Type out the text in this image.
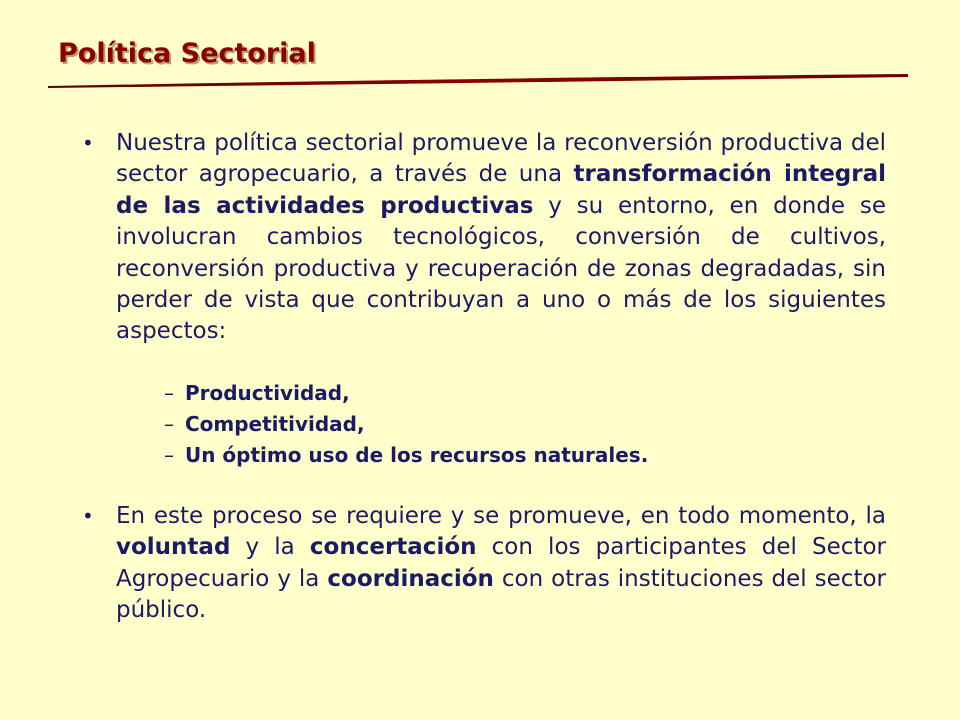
Política Sectorial
• Nuestra política sectorial promueve la reconversión productiva del sector agropecuario, a través de una transformación integral de las actividades productivas y su entorno, en donde se involucran cambios tecnológicos, conversión de cultivos, reconversión productiva y recuperación de zonas degradadas, sin perder de vista que contribuyan a uno o más de los siguientes aspectos:

– Productividad,
– Competitividad,
– Un óptimo uso de los recursos naturales.
• En este proceso se requiere y se promueve, en todo momento, la voluntad y la concertación con los participantes del Sector Agropecuario y la coordinación con otras instituciones del sector público.
